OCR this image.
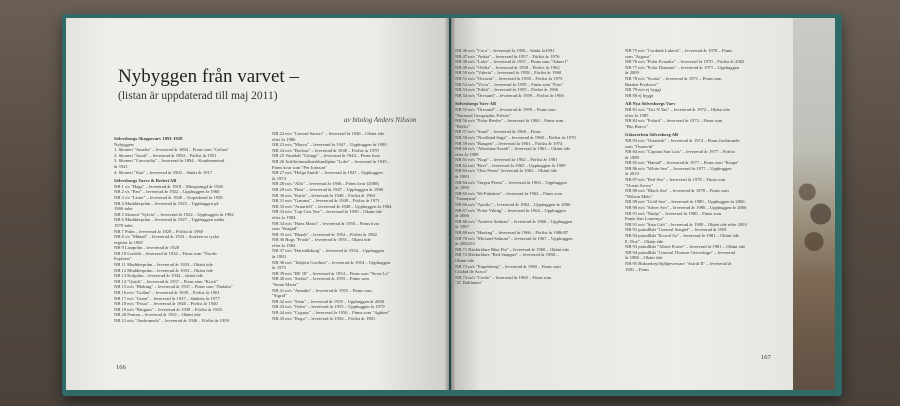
Nybyggen från varvet –
(listan är uppdaterad till maj 2011)
av bitolog Anders Nilsson
Sölvesborgs Skeppsvarv 1891-1928
Nybyggen:
1. Skonert "Amelia" – levererad år 1894 – Finns som "Gefion"
2. Skonert "Jacob" – levererad år 1894 – Förlist år 1951
3. Skonert "Concordia" – levererad år 1894 – Kondemnerad
år 1921
4. Skonert "Star" – levererad år 1902 – Sänkt år 1917
Sölvesborgs Varvs & Rederi AB
NB 1 s/s "Haga" – levererad år 1918 – Minsprängd år 1940
NB 2 s/s "Pan" – levererad år 1922 – Upphuggen år 1960
NB 3 s/s "Lister" – levererad år 1928 – Torpederad år 1939
NB 4 Muddterpråm – levererad år 1923 – Upphuggen på
1960-talet
NB 5 Skonert "Sylvia" – levererad år 1922 – Upphuggen år 1982
NB 6 Muddterpråm – levererad år 1927 – Upphuggen under
1970-talet
NB 7 Pråm – levererad år 1928 – Förlist år 1960
NB 8 s/s "Månad" – levererad år 1933 – Struken ur ryska
register år 1965
NB 9 Lastpråm – levererad år 1928
NB 10 Lotsbåt – levererad år 1932 – Finns som "Nordic
Explorer"
NB 11 Muddterpråm – levererad år 1933 – Okänt öde
NB 12 Muddterpråm – levererad år 1933 – Okänt öde
NB 13 Kolpråm – levererad år 1934 – okänt öde
NB 14 "Quick" – levererad år 1937 – Finns som "Krick"
NB 15 m/s "Bleking" – levererad år 1937 – Finns som "Jhalatta"
NB 16 m/s "Gullan" – levererad år 1939 – Förlist år 1961
NB 17 m/s "Gunn" – levererad år 1937 – Sänktes år 1977
NB 18 m/s "Frisia" – levererad år 1940 – Förlist år 1940
NB 19 m/s "Ringarn" – levererad år 1939 – Förlist år 1945
NB 20 Ponton – levererad år 1941 – Okänt öde
NB 21 m/s "Andromeda" – levererad år 1946 – Förlist år 1959
NB 22 m/s "Conrad Sartori" – levererad år 1946 – Okänt öde
efter år 1986
NB 23 m/s "Mayra" – levererad år 1947 – Upphuggen år 1980
NB 24 m/s "Bachus" – levererad år 1948 – Förlist år 1970
NB 25 Varmbåt "Göinge" – levererad år 1944 – Finns kvar
NB 26 Artillerimmålsmålsmålpåm "Loke" – levererad år 1945 –
Finns kvar som "Per Jonsson"
NB 27 m/s "Helga Smith" – levererad år 1947 – Upphuggen
år 1974
NB 28 m/s "Alla" – levererad år 1946 – Finns kvar (2008)
NB 29 m/s "Beta" – levererad år 1947 – Upphuggen år 1980
NB 30 m/s "Katla" – levererad år 1948 – Förlist år 1963
NB 31 m/s "Gamma" – levererad år 1948 – Förlist år 1971
NB 32 m/s "Arnarfell" – levererad år 1948 – Upphuggen år 1984
NB 33 m/s "Cap Gris Nez" – levererad år 1950 – Okänt öde
efter år 1984
NB 34 m/s "Hans Maria" – levererad år 1950 – Finns kvar
som "Seagull"
NB 35 m/s "Rhaeb" – levererad år 1952 – Förlist år 1982
NB 36 Bogs "Frode" – levererad år 1951 – Okänt öde
efter år 1984
NB 37 m/s "Harriddsborg" – levererad år 1954 – Upphuggen
år 1983
NB 38 m/s "Tabjörn Gorthon" – levererad år 1954 – Upphuggen
år 1975
NB 39 m/s "BF 18" – levererad år 1954 – Finns som "Stora Lo"
NB 40 m/s "Stefan" – levererad år 1955 – Finns som
"Santa Maria"
NB 41 m/s "Annalia" – levererad år 1955 – Finns som
"Sigrid"
NB 42 m/s "Stem" – levererad år 1955 – Upphuggen år 2006
NB 43 m/s "Oden" – levererad år 1955 – Upphuggen år 1979
NB 44 m/s "Cygnus" – levererad år 1956 – Finns som "Aghien"
NB 45 m/s "Bogo" – levererad år 1956 – Förlist år 1981
166
NB 46 m/s "Cora" – levererad år 1956 – Sänkt år1991
NB 47 m/s "Ankia" – levererad år 1957 – Förlist år 1976
NB 48 m/s "Loke" – levererad år 1957 – Finns som "Adam I"
NB 49 m/s "Ofelia" – levererad år 1958 – Förlist år 1962
NB 50 m/s "Valeria" – levererad år 1958 – Förlist år 1968
NB 51 m/s "Octavia" – levererad år 1958 – Förlist år 1975
NB 52 m/s "Vivia" – levererad år 1959 – Finns som "Foto"
NB 53 m/s "Edith" – levererad år 1959 – Förlist år 1966
NB 54 m/s "Öresund" – levererad år 1959 – Förlist år 1966
Sölvesborgs Varv AB
NB 55 m/s "Öresund" – levererad år 1959 – Finns som
"National Geographic Polaris"
NB 56 m/s "Polar Reefer" – levererad år 1960 – Finns som
"Bollis"
NB 57 m/s "Sund" – levererad år 1960 – Finns
NB 58 m/s "Nordland Saga" – levererad år 1960 – Förlist år 1970
NB 59 m/s "Bangen" – levererad år 1961 – Förlist år 1974
NB 60 m/s "Albertina/Arneb" – levererad år 1961 – Okänt öde
efter år 1989
NB 61 m/s "Nogi" – levererad år 1962 – Förlist år 1981
NB 62 m/s "Bret" – levererad år 1965 – Upphuggen år 1989
NB 63 m/s "Otto Priess" levererad år 1962 – Okänt öde
år 1983
NB 64 m/s "Jürgen Priess" – levererad år 1963 – Upphuggen
år 1990
NB 65 m/s "66-Paketten" – levererad år 1963 – Finns som
"Gunnjaun"
NB 66 m/s "Apollo" – levererad år 1963 – Upphuggen år 2006
NB 67 m/s "Polar Viking" – levererad år 1964 – Upphuggen
år 2006
NB 68 m/s "Andrew Salman" – levererad år 1966 – Upphuggen
år 1987
NB 69 m/s "Hasting" – levererad år 1966 – Förlist år 1986/87
NB 70 m/s "Michael Salman" – levererad år 1967 – Upphuggen
år 2002/03
NB 71 Häcktrålare Blue Fin" – levererad år 1968 – Okänt öde
NB 72 Häcktrålare "Red Snapper" – levererad år 1968 –
Okänt öde
NB 73 m/s "Engelsberg" – levererad år 1969 – Finns som
Ciudad de Araca"
NB 74 m/s "Credo" – levererad år 1969 – Finns som
"JC Balilianta"
NB 75 m/s "Cordank Lubeck" – levererad år 1970 – Finns
som "Argusa"
NB 76 m/s "Polar Ecuador" – levererad år 1970 – Förlist år 2002
NB 77 m/s "Polar Diamant" – levererad år 1971 – Upphuggen
år 2009
NB 78 m/s "Scotia" – levererad år 1971 – Finns som
Bunker Producer"
NB 79 m/s ej byggt
NB 80 ej byggt
AB Nya Sölvesborgs Varv
NB 81 m/s "Tici N Tau" – levererad år 1972 – Okänt öde
efter år 1985
NB 82 m/s "Polarit" – levererad år 1973 – Finns som
"Bio Bravo"
Götaverken Sölvesborg AB
NB 83 m/s "Ostanvik" – levererad år 1974 – Finns fortfarande
som "Östanvik"
NB 84 m/s "Capitan San Luis" – levererad år 1977 – Förlist
år 1989
NB 85 m/s "Hamid" – levererad år 1977 – Finns som "Krupa"
NB 86 m/s "White Sea" – levererad år 1977 – Upphuggen
år 2010
NB 87 m/s "Red Sea" – levererad år 1978 – Finns som
"Ocean Arrow"
NB 88 m/s "Black Sea" – levererad år 1978 – Finns som
"Wilson Malo"
NB 89 m/s "Gold Sea" – levererad år 1980 – Upphuggen år 2006
NB 90 m/s "Silver Sea" – levererad år 1980 – Upphuggen år 2006
NB 91 m/s "Nadja" – levererad år 1980 – Finns som
Punta San Lourenço"
NB 91 m/s "Sata Cob" – levererad år 1980 – Okänt öde efter 2003
NB 91 patrullbåt "General Sengiel" – levererad år 1981
NB 92 patrullbåt "Kowal Sa" – levererad år 1981 – Okänt öde
E. Doe" – Okänt öde
NB 93 patrullbåt "Albert Porter" – levererad år 1981 – Okänt öde
NB 94 patrullbåt "General Thomas Ozowskigo" – levererad
år 1980 – Okänt öde
NB 95 Bukserbryt/bjälpevessare "Astrid II" – levererad år
1981 – Finns
167
